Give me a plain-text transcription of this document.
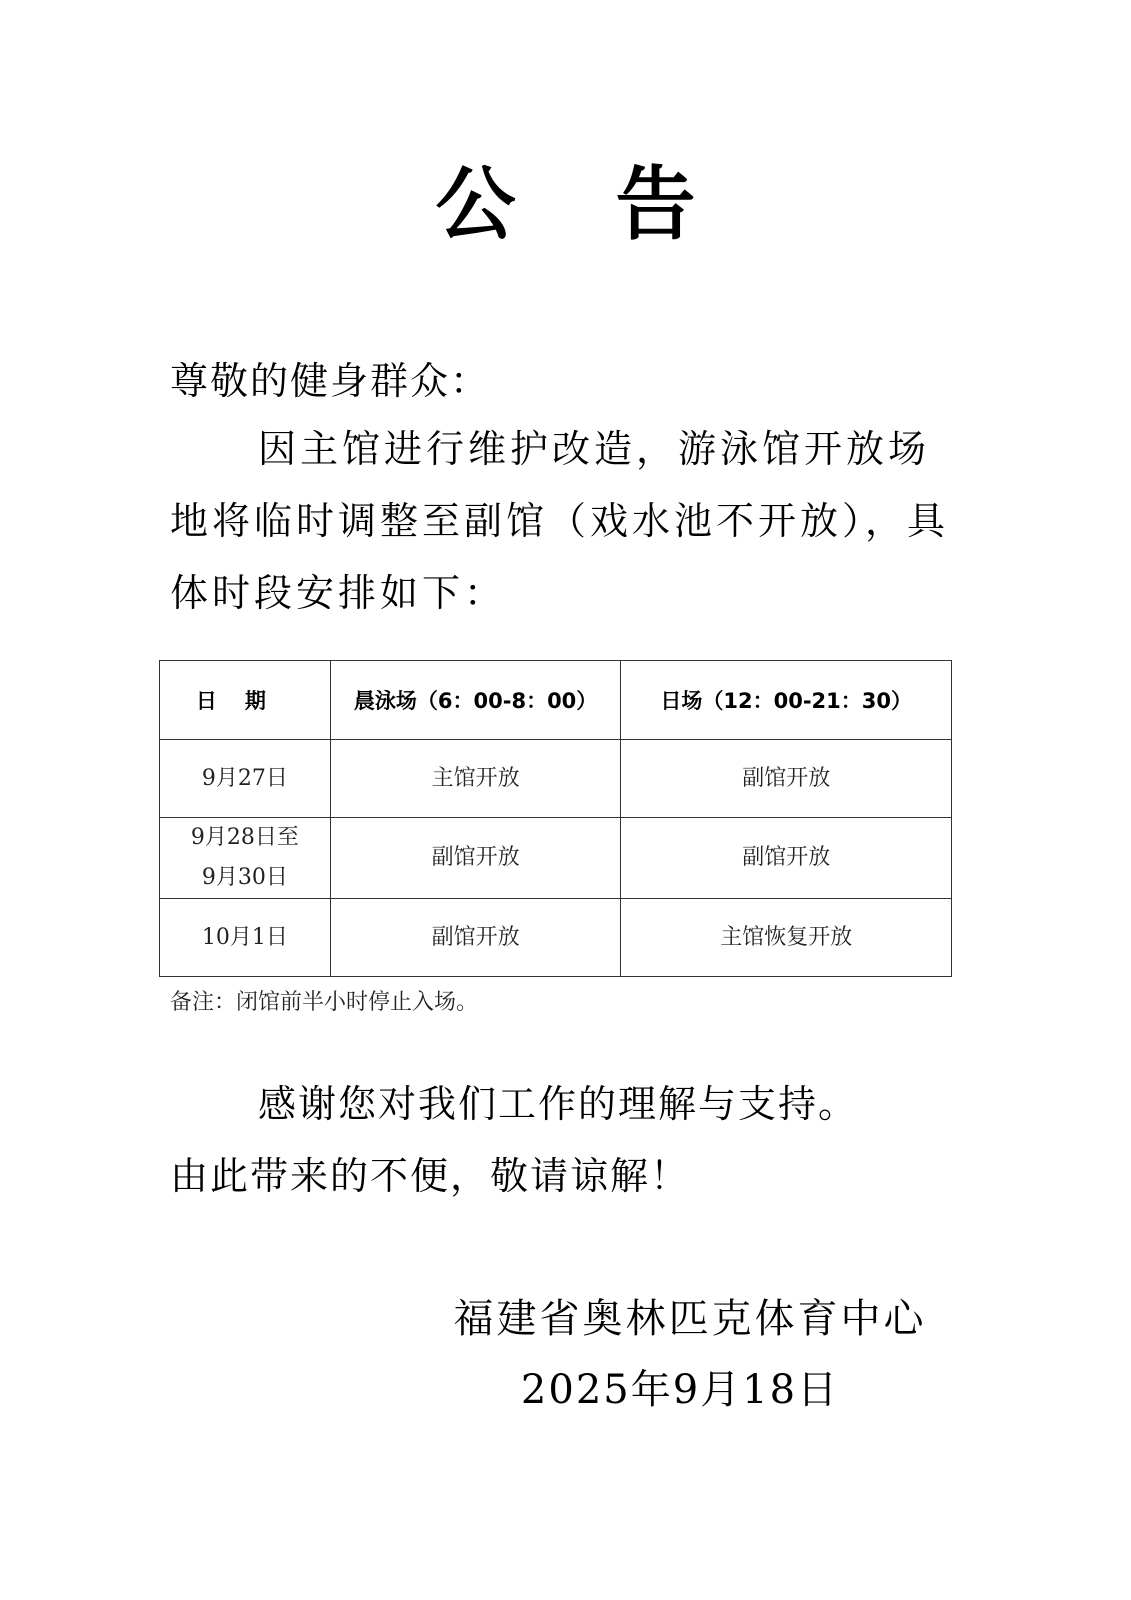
公 告
尊敬的健身群众：
因主馆进行维护改造，游泳馆开放场地将临时调整至副馆（戏水池不开放），具体时段安排如下：
日期	晨泳场（6：00-8：00）	日场（12：00-21：30）
9月27日	主馆开放	副馆开放

9月28日至
9月30日	副馆开放	副馆开放
10月1日	副馆开放	主馆恢复开放
备注：闭馆前半小时停止入场。
感谢您对我们工作的理解与支持。
由此带来的不便，敬请谅解！
福建省奥林匹克体育中心
2025年9月18日
